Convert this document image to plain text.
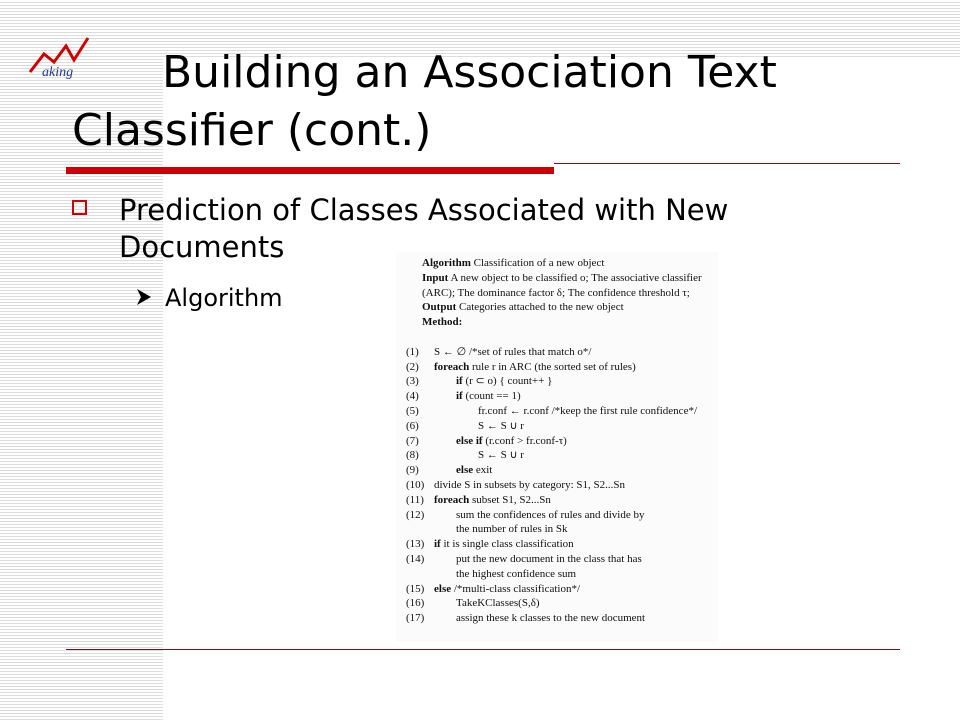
aking	Building an Association Text
Classifier (cont.)
Prediction of Classes Associated with New Documents
Algorithm
Algorithm Classification of a new object
Input A new object to be classified o; The associative classifier (ARC); The dominance factor δ; The confidence threshold τ;
Output Categories attached to the new object
Method:
(1) S ← ∅ /*set of rules that match o*/
(2) foreach rule r in ARC (the sorted set of rules)
(3)	if (r ⊂ o) { count++ }
(4)	if (count == 1)
(5)	fr.conf ← r.conf /*keep the first rule confidence*/
(6)	S ← S ∪ r
(7)	else if (r.conf > fr.conf-τ)
(8)	S ← S ∪ r
(9)	else exit
(10) divide S in subsets by category: S1, S2...Sn
(11) foreach subset S1, S2...Sn
(12)	sum the confidences of rules and divide by
the number of rules in Sk
(13) if it is single class classification
(14)	put the new document in the class that has
the highest confidence sum
(15) else /*multi-class classification*/
(16)	TakeKClasses(S,δ)
(17)	assign these k classes to the new document
